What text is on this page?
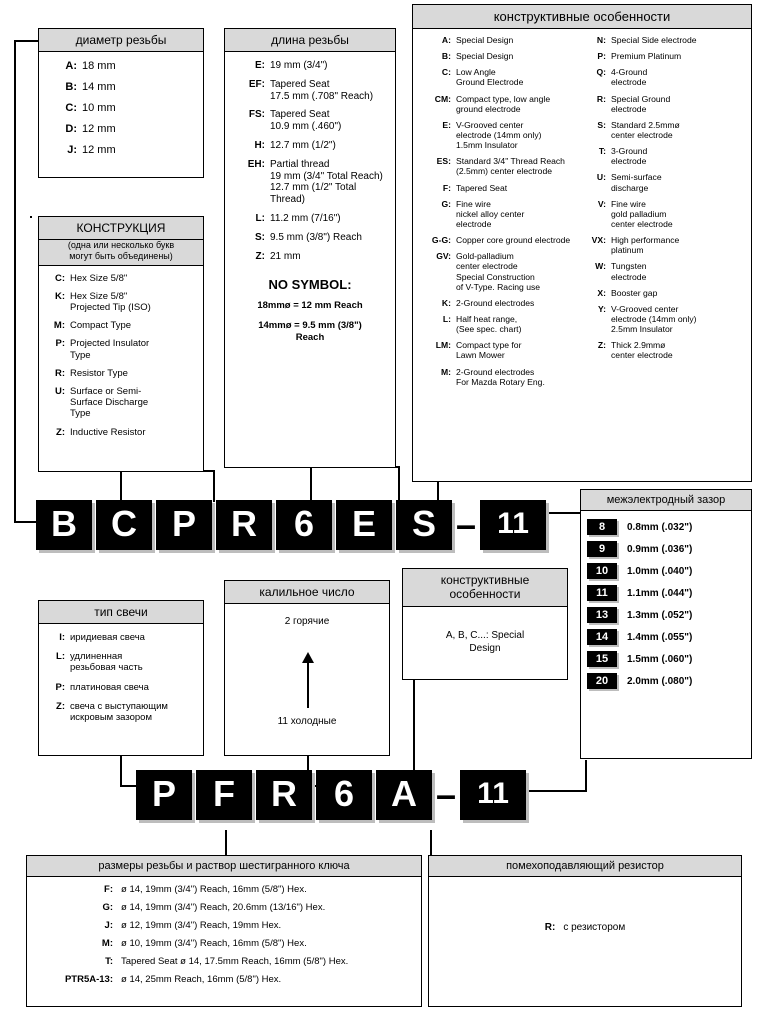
диаметр резьбы
A: 18 mm
B: 14 mm
C: 10 mm
D: 12 mm
J: 12 mm
длина резьбы
E: 19 mm (3/4")
EF: Tapered Seat
17.5 mm (.708" Reach)
FS: Tapered Seat
10.9 mm (.460")
H: 12.7 mm (1/2")
EH: Partial thread
19 mm (3/4" Total Reach)
12.7 mm (1/2" Total Thread)
L: 11.2 mm (7/16")
S: 9.5 mm (3/8") Reach
Z: 21 mm
NO SYMBOL:
18mmø = 12 mm Reach
14mmø = 9.5 mm (3/8")
Reach
КОНСТРУКЦИЯ
(одна или несколько букв
могут быть объединены)
C: Hex Size 5/8"
K: Hex Size 5/8"
Projected Tip (ISO)
M: Compact Type
P: Projected Insulator
Type
R: Resistor Type
U: Surface or Semi-
Surface Discharge
Type
Z: Inductive Resistor
конструктивные особенности
A: Special Design
B: Special Design
C: Low Angle
Ground Electrode
CM: Compact type, low angle
ground electrode
E: V-Grooved center
electrode (14mm only)
1.5mm Insulator
ES: Standard 3/4" Thread Reach
(2.5mm) center electrode
F: Tapered Seat
G: Fine wire
nickel alloy center
electrode
G-G: Copper core ground electrode
GV: Gold-palladium
center electrode
Special Construction
of V-Type. Racing use
K: 2-Ground electrodes
L: Half heat range,
(See spec. chart)
LM: Compact type for
Lawn Mower
M: 2-Ground electrodes
For Mazda Rotary Eng.
N: Special Side electrode
P: Premium Platinum
Q: 4-Ground
electrode
R: Special Ground
electrode
S: Standard 2.5mmø
center electrode
T: 3-Ground
electrode
U: Semi-surface
discharge
V: Fine wire
gold palladium
center electrode
VX: High performance
platinum
W: Tungsten
electrode
X: Booster gap
Y: V-Grooved center
electrode (14mm only)
2.5mm Insulator
Z: Thick 2.9mmø
center electrode
межэлектродный зазор
8	0.8mm (.032")
9	0.9mm (.036")
10	1.0mm (.040")
11	1.1mm (.044")
13	1.3mm (.052")
14	1.4mm (.055")
15	1.5mm (.060")
20	2.0mm (.080")
B C P R	6	E S – 11
тип свечи
I: иридиевая свеча
L: удлиненная
резьбовая часть
P: платиновая свеча
Z: свеча с выступающим
искровым зазором
калильное число
2 горячие
11 холодные
конструктивные
особенности
A, B, C...: Special
Design
P	F	R	6	A – 11
размеры резьбы и раствор шестигранного ключа
F: ø 14, 19mm (3/4") Reach, 16mm (5/8") Hex.
G: ø 14, 19mm (3/4") Reach, 20.6mm (13/16") Hex.
J: ø 12, 19mm (3/4") Reach, 19mm Hex.
M: ø 10, 19mm (3/4") Reach, 16mm (5/8") Hex.
T: Tapered Seat ø 14, 17.5mm Reach, 16mm (5/8") Hex.
PTR5A-13: ø 14, 25mm Reach, 16mm (5/8") Hex.
помехоподавляющий резистор
R: с резистором
